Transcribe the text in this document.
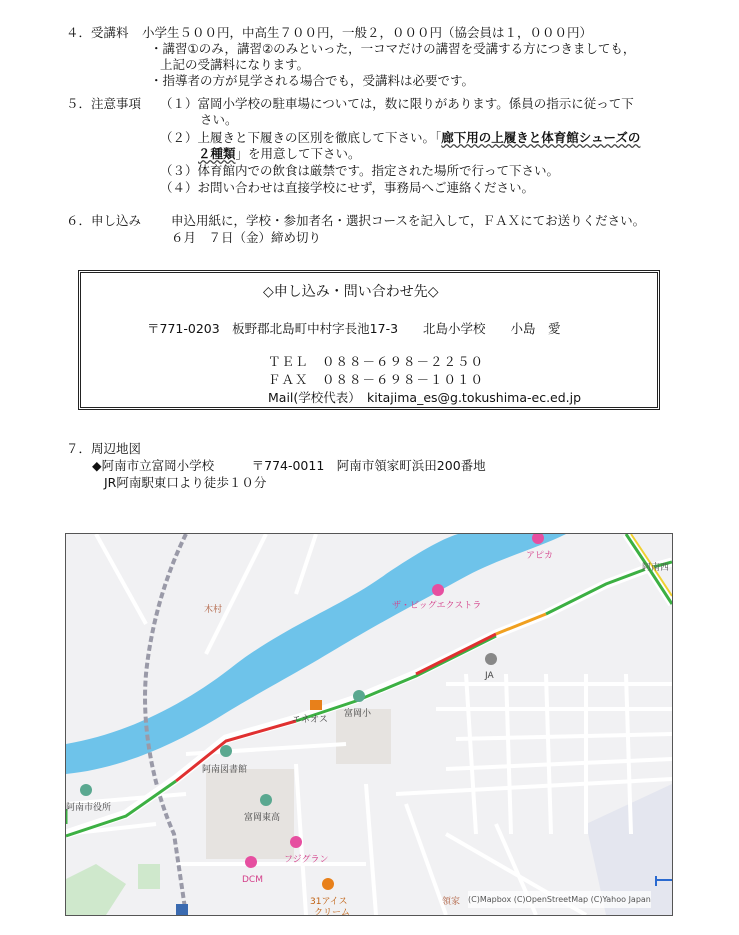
４．受講料 小学生５００円，中高生７００円，一般２，０００円（協会員は１，０００円）
・講習①のみ，講習②のみといった，一コマだけの講習を受講する方につきましても，
上記の受講料になります。
・指導者の方が見学される場合でも，受講料は必要です。
５．注意事項 （１）富岡小学校の駐車場については，数に限りがあります。係員の指示に従って下
さい。
（２）上履きと下履きの区別を徹底して下さい。「廊下用の上履きと体育館シューズの
２種類」を用意して下さい。
（３）体育館内での飲食は厳禁です。指定された場所で行って下さい。
（４）お問い合わせは直接学校にせず，事務局へご連絡ください。
６．申し込み 申込用紙に，学校・参加者名・選択コースを記入して，ＦＡＸにてお送りください。
６月　７日（金）締め切り
◇申し込み・問い合わせ先◇
〒771-0203　板野郡北島町中村字長池17-3　　北島小学校　　小島　愛
ＴＥＬ　０８８－６９８－２２５０
ＦＡＸ　０８８－６９８－１０１０
Mail(学校代表）　kitajima_es@g.tokushima-ec.ed.jp
７．周辺地図
◆阿南市立富岡小学校　　　〒774-0011　阿南市領家町浜田200番地
JR阿南駅東口より徒歩１０分
アピカ
阿南西
ザ・ビッグエクストラ
木村
JA
エネオス
富岡小
阿南図書館
阿南市役所
富岡東高
フジグラン
DCM
31アイス
クリーム
領家 (C)Mapbox (C)OpenStreetMap (C)Yahoo Japan
